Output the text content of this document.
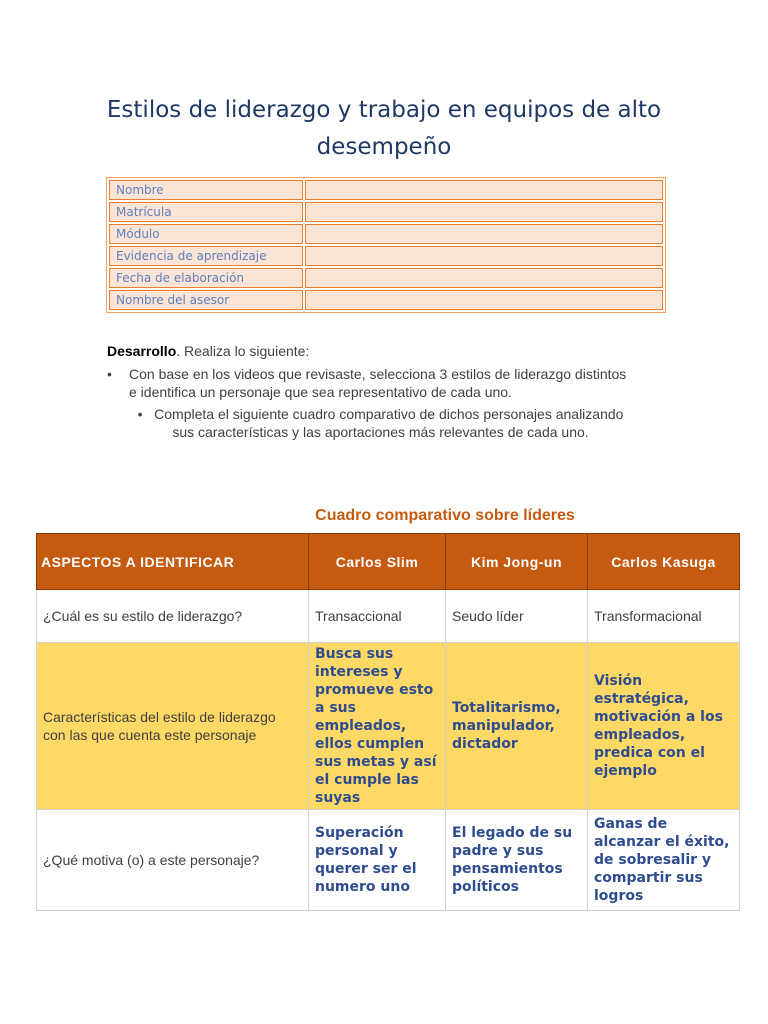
Estilos de liderazgo y trabajo en equipos de alto desempeño
Nombre	
Matrícula	
Módulo	
Evidencia de aprendizaje	
Fecha de elaboración	
Nombre del asesor	
Desarrollo. Realiza lo siguiente:
• Con base en los videos que revisaste, selecciona 3 estilos de liderazgo distintos e identifica un personaje que sea representativo de cada uno.
•   Completa el siguiente cuadro comparativo de dichos personajes analizando sus características y las aportaciones más relevantes de cada uno.
Cuadro comparativo sobre líderes
ASPECTOS A IDENTIFICAR	Carlos Slim	Kim Jong-un	Carlos Kasuga
¿Cuál es su estilo de liderazgo?	Transaccional	Seudo líder	Transformacional
Características del estilo de liderazgo con las que cuenta este personaje	Busca sus intereses y promueve esto a sus empleados, ellos cumplen sus metas y así el cumple las suyas	Totalitarismo, manipulador, dictador	Visión estratégica, motivación a los empleados, predica con el ejemplo
¿Qué motiva (o) a este personaje?	Superación personal y querer ser el numero uno	El legado de su padre y sus pensamientos políticos	Ganas de alcanzar el éxito, de sobresalir y compartir sus logros
